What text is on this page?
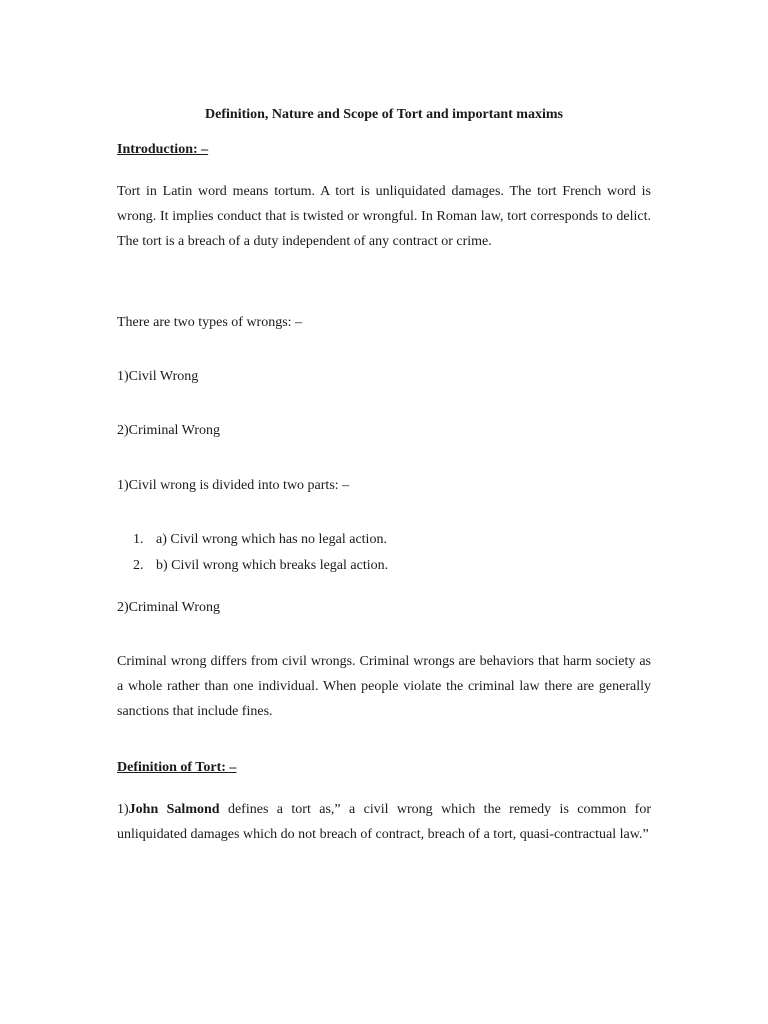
Definition, Nature and Scope of Tort and important maxims

Introduction: –

Tort in Latin word means tortum. A tort is unliquidated damages. The tort French word is wrong. It implies conduct that is twisted or wrongful. In Roman law, tort corresponds to delict. The tort is a breach of a duty independent of any contract or crime.

There are two types of wrongs: –

1)Civil Wrong

2)Criminal Wrong

1)Civil wrong is divided into two parts: –

1. a) Civil wrong which has no legal action.
2. b) Civil wrong which breaks legal action.

2)Criminal Wrong

Criminal wrong differs from civil wrongs. Criminal wrongs are behaviors that harm society as a whole rather than one individual. When people violate the criminal law there are generally sanctions that include fines.

Definition of Tort: –

1)John Salmond defines a tort as,” a civil wrong which the remedy is common for unliquidated damages which do not breach of contract, breach of a tort, quasi-contractual law.”
